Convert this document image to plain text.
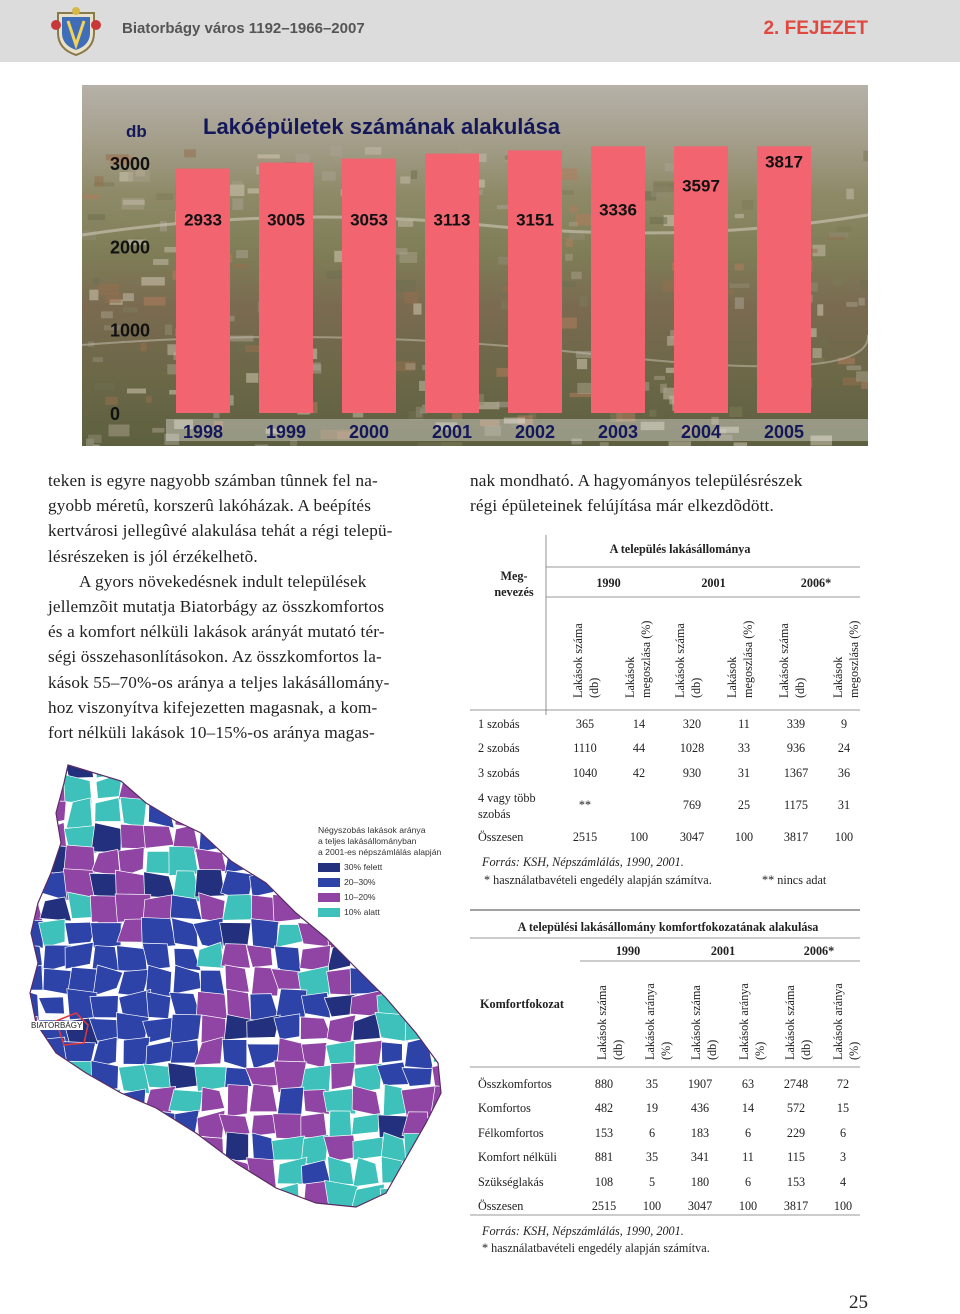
Biatorbágy város 1192–1966–2007	2. FEJEZET
Lakóépületek számának alakulása
db
3000
2000
1000
0
2933	3005	3053	3113	3151
3336
3597
3817
1998 1999 2000 2001 2002 2003 2004 2005
teken is egyre nagyobb számban tûnnek fel na-
gyobb méretû, korszerû lakóházak. A beépítés
kertvárosi jellegûvé alakulása tehát a régi telepü-
lésrészeken is jól érzékelhetõ.
A gyors növekedésnek indult települések
jellemzõit mutatja Biatorbágy az összkomfortos
és a komfort nélküli lakások arányát mutató tér-
ségi összehasonlításokon. Az összkomfortos la-
kások 55–70%-os aránya a teljes lakásállomány-
hoz viszonyítva kifejezetten magasnak, a kom-
fort nélküli lakások 10–15%-os aránya magas-
nak mondható. A hagyományos településrészek
régi épületeinek felújítása már elkezdõdött.
A település lakásállománya
Meg-
nevezés
1990	2001	2006*
Lakások száma (db)	Lakások megoszlása (%)	Lakások száma (db)	Lakások megoszlása (%)	Lakások száma (db)	Lakások megoszlása (%)
1 szobás	365	14	320	11	339	9
2 szobás	1110	44	1028	33	936	24
3 szobás	1040	42	930	31	1367	36
4 vagy több szobás	**		769	25	1175	31
Összesen	2515	100	3047	100	3817	100
Forrás: KSH, Népszámlálás, 1990, 2001.
* használatbavételi engedély alapján számítva.	** nincs adat
A települési lakásállomány komfortfokozatának alakulása
Komfortfokozat
1990	2001	2006*
Lakások száma (db)	Lakások aránya (%)	Lakások száma (db)	Lakások aránya (%)	Lakások száma (db)	Lakások aránya (%)
Összkomfortos	880	35	1907	63	2748	72
Komfortos	482	19	436	14	572	15
Félkomfortos	153	6	183	6	229	6
Komfort nélküli	881	35	341	11	115	3
Szükséglakás	108	5	180	6	153	4
Összesen	2515	100	3047	100	3817	100
Forrás: KSH, Népszámlálás, 1990, 2001.
* használatbavételi engedély alapján számítva.
BIATORBÁGY
Négyszobás lakások aránya
a teljes lakásállományban
a 2001-es népszámlálás alapján
30% felett
20–30%
10–20%
10% alatt
25
